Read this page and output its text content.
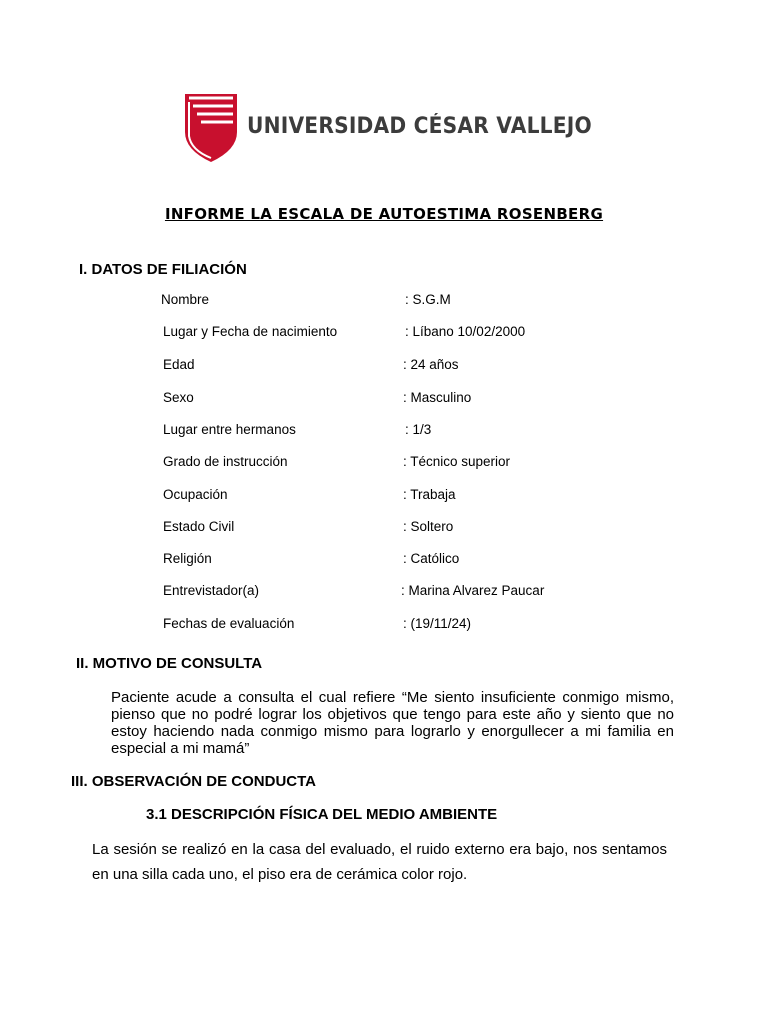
UNIVERSIDAD CÉSAR VALLEJO
INFORME LA ESCALA DE AUTOESTIMA ROSENBERG
I. DATOS DE FILIACIÓN
Nombre	: S.G.M
Lugar y Fecha de nacimiento	: Líbano 10/02/2000
Edad	: 24 años
Sexo	: Masculino
Lugar entre hermanos	: 1/3
Grado de instrucción	: Técnico superior
Ocupación	: Trabaja
Estado Civil	: Soltero
Religión	: Católico
Entrevistador(a)	: Marina Alvarez Paucar
Fechas de evaluación	: (19/11/24)
II. MOTIVO DE CONSULTA
Paciente acude a consulta el cual refiere “Me siento insuficiente conmigo mismo, pienso que no podré lograr los objetivos que tengo para este año y siento que no estoy haciendo nada conmigo mismo para lograrlo y enorgullecer a mi familia en especial a mi mamá”
III. OBSERVACIÓN DE CONDUCTA
3.1 DESCRIPCIÓN FÍSICA DEL MEDIO AMBIENTE
La sesión se realizó en la casa del evaluado, el ruido externo era bajo, nos sentamos en una silla cada uno, el piso era de cerámica color rojo.
